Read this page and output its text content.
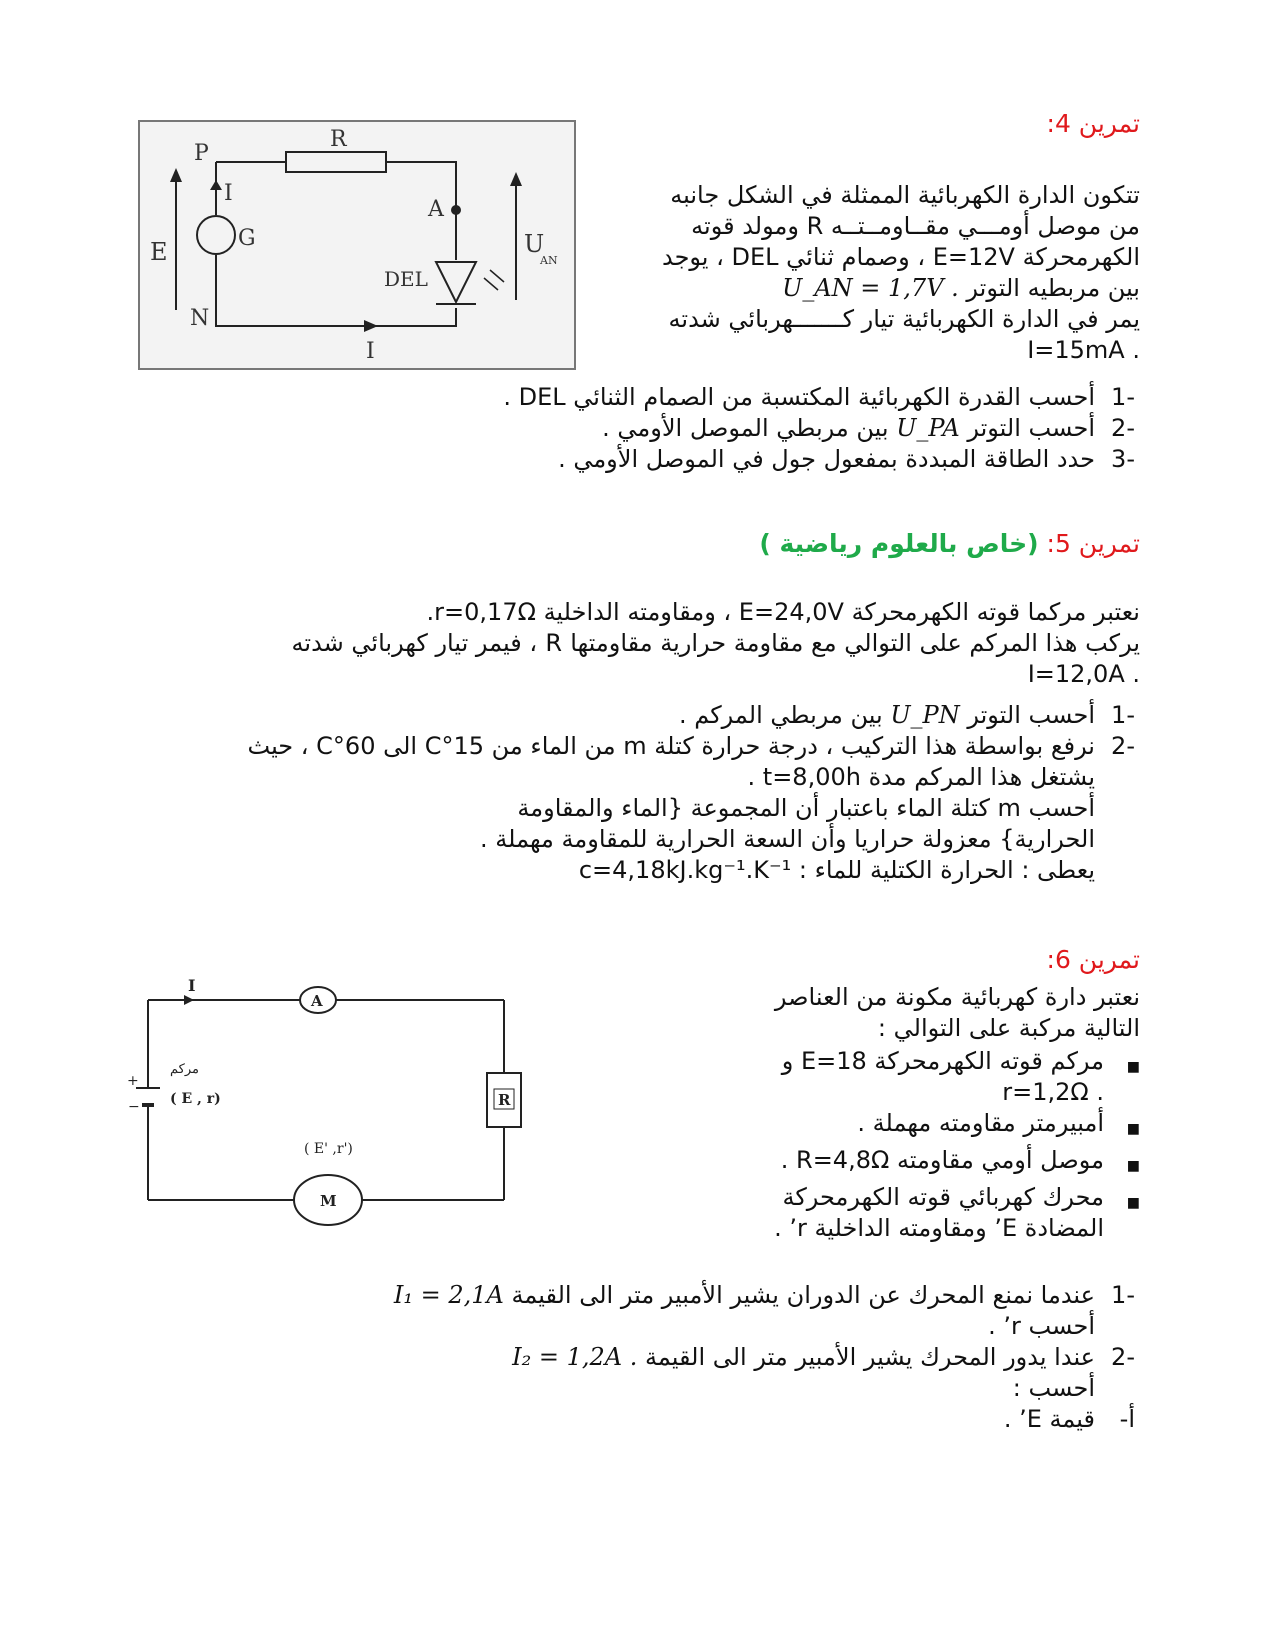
تمرين 4:
R
P
G
I
E
N
A
DEL
I
U
AN

تتكون الدارة الكهربائية الممثلة في الشكل جانبه

من موصل أومـــي مقــاومــتــه R ومولد قوته

الكهرمحركة E=12V ، وصمام ثنائي DEL ، يوجد

بين مربطيه التوتر U_AN = 1,7V .

يمر في الدارة الكهربائية تيار كـــــــهربائي شدته

. I=15mA

-1
أحسب القدرة الكهربائية المكتسبة من الصمام الثنائي DEL .
-2
أحسب التوتر U_PA بين مربطي الموصل الأومي .
-3
حدد الطاقة المبددة بمفعول جول في الموصل الأومي .
تمرين 5: (خاص بالعلوم رياضية )

نعتبر مركما قوته الكهرمحركة E=24,0V ، ومقاومته الداخلية r=0,17Ω.

يركب هذا المركم على التوالي مع مقاومة حرارية مقاومتها R ، فيمر تيار كهربائي شدته

. I=12,0A

-1
أحسب التوتر U_PN بين مربطي المركم .
-2
نرفع بواسطة هذا التركيب ، درجة حرارة كتلة m من الماء من 15°C الى 60°C ، حيث
يشتغل هذا المركم مدة t=8,00h .
أحسب m كتلة الماء باعتبار أن المجموعة {الماء والمقاومة
الحرارية} معزولة حراريا وأن السعة الحرارية للمقاومة مهملة .
يعطى : الحرارة الكتلية للماء : c=4,18kJ.kg⁻¹.K⁻¹
تمرين 6:
I
A
+
−
مركم
( E , r)	R
( E' ,r')
M

نعتبر دارة كهربائية مكونة من العناصر

التالية مركبة على التوالي :

■
مركم قوته الكهرمحركة E=18 و
. r=1,2Ω
■
أمبيرمتر مقاومته مهملة .
■
موصل أومي مقاومته R=4,8Ω .
■
محرك كهربائي قوته الكهرمحركة
المضادة E’ ومقاومته الداخلية r’ .
-1
عندما نمنع المحرك عن الدوران يشير الأمبير متر الى القيمة I₁ = 2,1A
أحسب r’ .
-2
عندا يدور المحرك يشير الأمبير متر الى القيمة I₂ = 1,2A .
أحسب :
أ-
قيمة E’ .
